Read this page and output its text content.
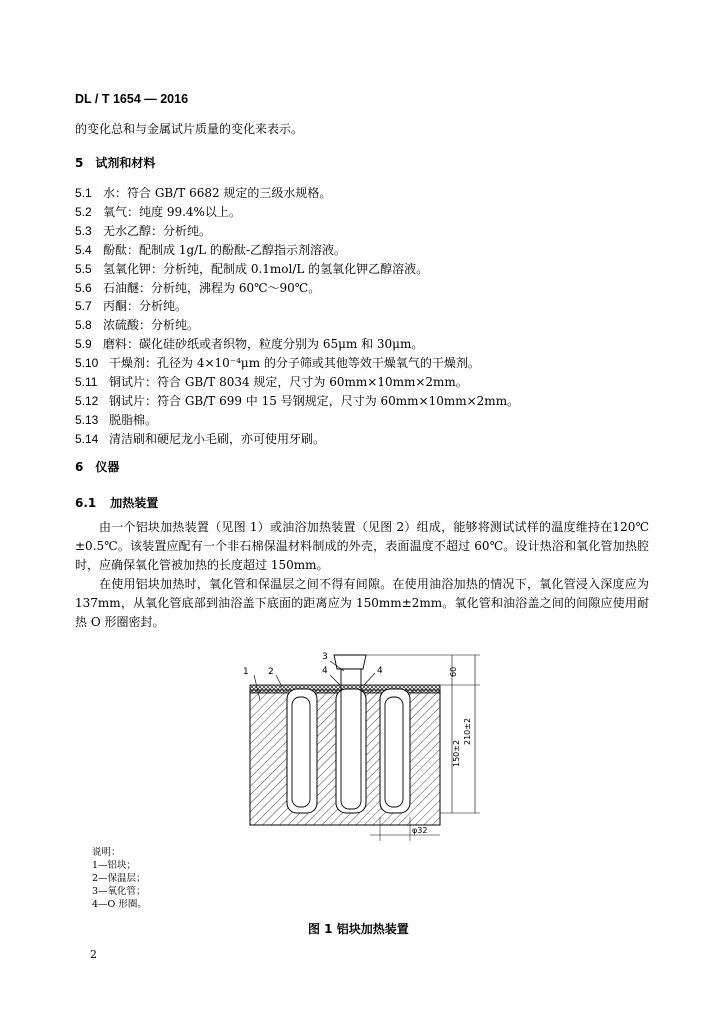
DL / T 1654 — 2016
的变化总和与金属试片质量的变化来表示。
5 试剂和材料
5.1 水：符合 GB/T 6682 规定的三级水规格。
5.2 氧气：纯度 99.4%以上。
5.3 无水乙醇：分析纯。
5.4 酚酞：配制成 1g/L 的酚酞-乙醇指示剂溶液。
5.5 氢氧化钾：分析纯，配制成 0.1mol/L 的氢氧化钾乙醇溶液。
5.6 石油醚：分析纯，沸程为 60℃～90℃。
5.7 丙酮：分析纯。
5.8 浓硫酸：分析纯。
5.9 磨料：碳化硅砂纸或者织物，粒度分别为 65μm 和 30μm。
5.10 干燥剂：孔径为 4×10⁻⁴μm 的分子筛或其他等效干燥氧气的干燥剂。
5.11 铜试片：符合 GB/T 8034 规定，尺寸为 60mm×10mm×2mm。
5.12 钢试片：符合 GB/T 699 中 15 号钢规定，尺寸为 60mm×10mm×2mm。
5.13 脱脂棉。
5.14 清洁刷和硬尼龙小毛刷，亦可使用牙刷。
6 仪器
6.1 加热装置
由一个铝块加热装置（见图 1）或油浴加热装置（见图 2）组成，能够将测试试样的温度维持在120℃±0.5℃。该装置应配有一个非石棉保温材料制成的外壳，表面温度不超过 60℃。设计热浴和氧化管加热腔时，应确保氧化管被加热的长度超过 150mm。
在使用铝块加热时，氧化管和保温层之间不得有间隙。在使用油浴加热的情况下，氧化管浸入深度应为 137mm，从氧化管底部到油浴盖下底面的距离应为 150mm±2mm。氧化管和油浴盖之间的间隙应使用耐热 O 形圈密封。
1 2
3
4	4	60
210±2
150±2
φ32
说明：
1—铝块；
2—保温层；
3—氧化管；
4—O 形圈。
图 1 铝块加热装置
2
